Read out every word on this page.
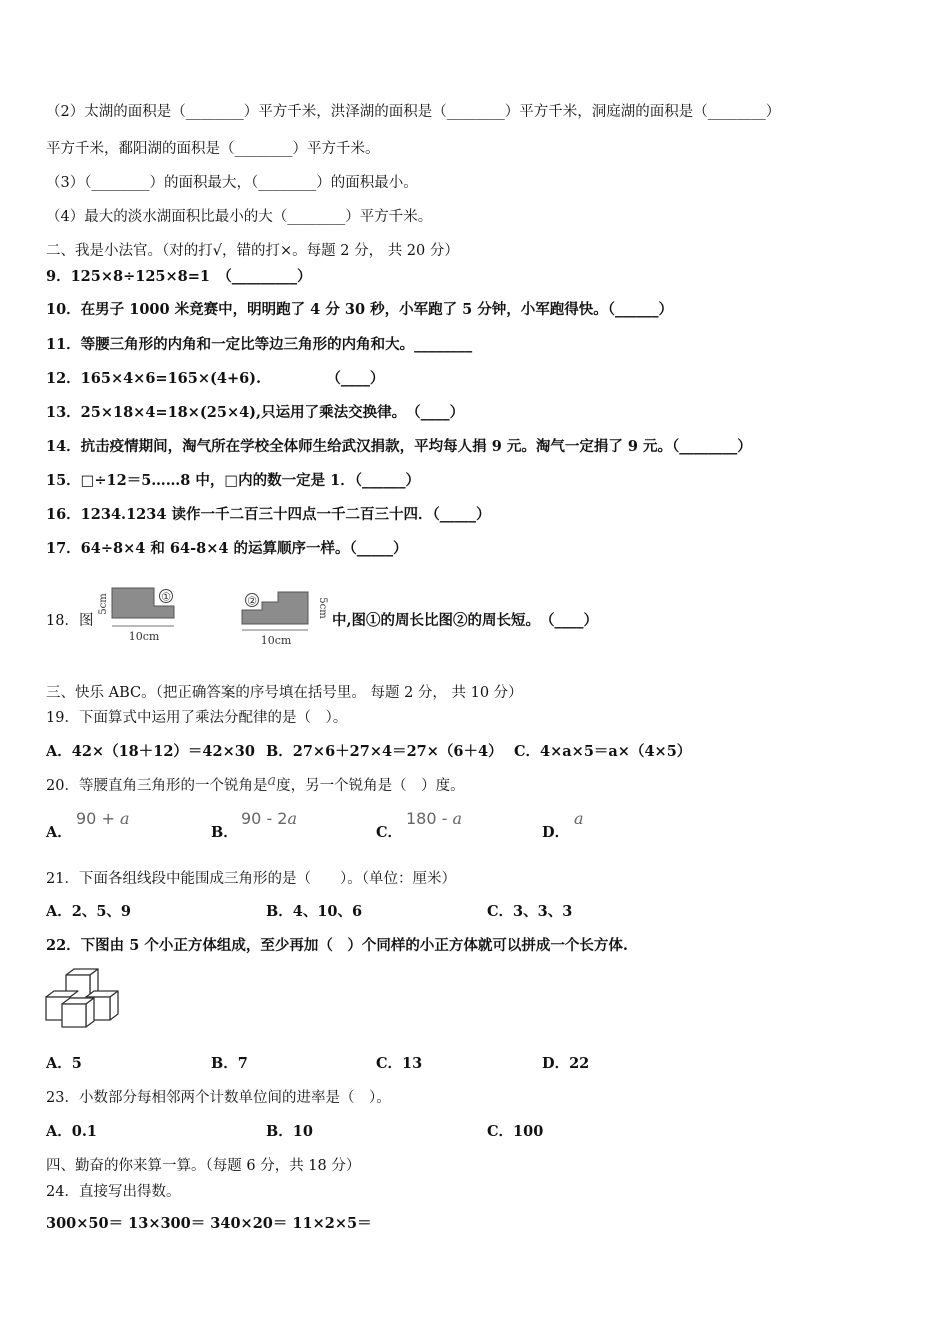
（2）太湖的面积是（________）平方千米，洪泽湖的面积是（________）平方千米，洞庭湖的面积是（________）
平方千米，鄱阳湖的面积是（________）平方千米。
（3）（________）的面积最大，（________）的面积最小。
（4）最大的淡水湖面积比最小的大（________）平方千米。
二、我是小法官。（对的打√，错的打×。每题 2 分， 共 20 分）
9．125×8÷125×8=1　（_________）
10．在男子 1000 米竞赛中，明明跑了 4 分 30 秒，小军跑了 5 分钟，小军跑得快。（______）
11．等腰三角形的内角和一定比等边三角形的内角和大。________
12．165×4×6=165×(4+6).　　　　　（____）
13．25×18×4=18×(25×4),只运用了乘法交换律。　（____）
14．抗击疫情期间，淘气所在学校全体师生给武汉捐款，平均每人捐 9 元。淘气一定捐了 9 元。（________）
15．□÷12＝5……8 中，□内的数一定是 1．（______）
16．1234.1234 读作一千二百三十四点一千二百三十四．（_____）
17．64÷8×4 和 64-8×4 的运算顺序一样。（_____）
18．图
①
5cm
10cm
②	5cm
10cm
中,图①的周长比图②的周长短。　（____）
三、快乐 ABC。（把正确答案的序号填在括号里。 每题 2 分， 共 10 分）
19．下面算式中运用了乘法分配律的是（　）。
A．42×（18＋12）＝42×30 B．27×6＋27×4＝27×（6＋4） C．4×a×5＝a×（4×5）
20．等腰直角三角形的一个锐角是a度，另一个锐角是（　）度。
A．
90 + a
B．
90 - 2a
C．
180 - a
D．
a
21．下面各组线段中能围成三角形的是（　　）。（单位：厘米）
A．2、5、9	B．4、10、6	C．3、3、3
22．下图由 5 个小正方体组成，至少再加（　）个同样的小正方体就可以拼成一个长方体.
A．5	B．7	C．13	D．22
23．小数部分每相邻两个计数单位间的进率是（　）。
A．0.1	B．10	C．100
四、勤奋的你来算一算。（每题 6 分，共 18 分）
24．直接写出得数。
300×50＝ 13×300＝ 340×20＝ 11×2×5＝
